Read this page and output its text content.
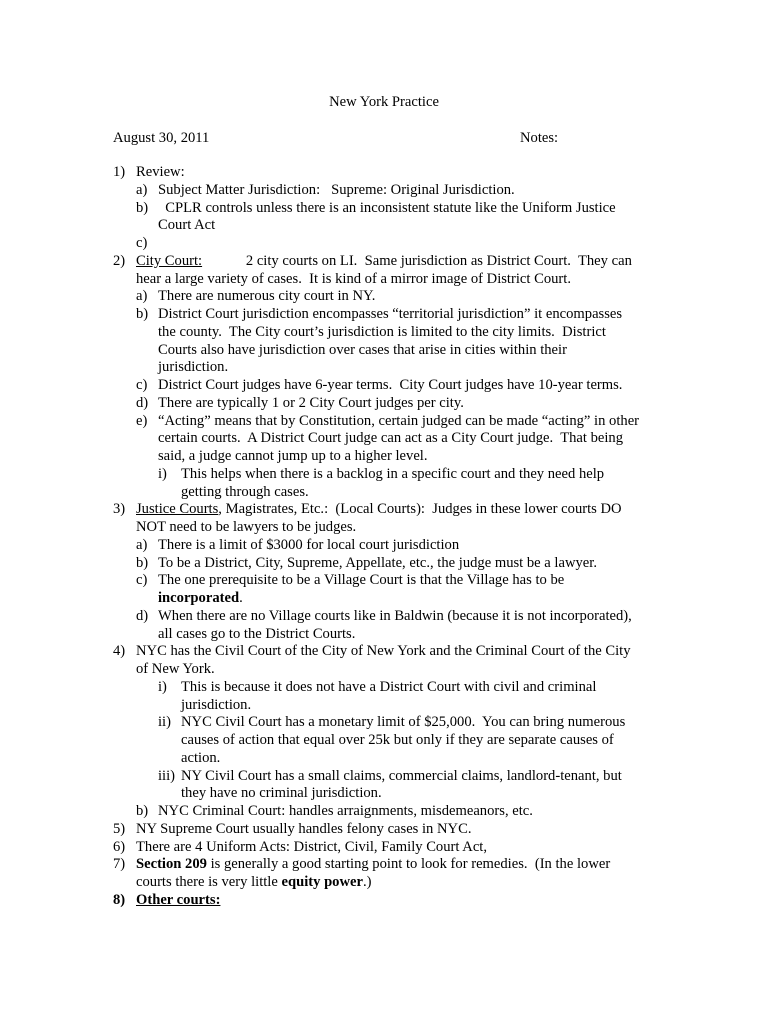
New York Practice
August 30, 2011	Notes:
1) Review:
a) Subject Matter Jurisdiction:   Supreme: Original Jurisdiction.
b) CPLR controls unless there is an inconsistent statute like the Uniform Justice
Court Act
c)
2) City Court:            2 city courts on LI.  Same jurisdiction as District Court.  They can
hear a large variety of cases.  It is kind of a mirror image of District Court.
a) There are numerous city court in NY.
b) District Court jurisdiction encompasses “territorial jurisdiction” it encompasses
the county.  The City court’s jurisdiction is limited to the city limits.  District
Courts also have jurisdiction over cases that arise in cities within their
jurisdiction.
c) District Court judges have 6-year terms.  City Court judges have 10-year terms.
d) There are typically 1 or 2 City Court judges per city.
e) “Acting” means that by Constitution, certain judged can be made “acting” in other
certain courts.  A District Court judge can act as a City Court judge.  That being
said, a judge cannot jump up to a higher level.
i) This helps when there is a backlog in a specific court and they need help
getting through cases.
3) Justice Courts, Magistrates, Etc.:  (Local Courts):  Judges in these lower courts DO
NOT need to be lawyers to be judges.
a) There is a limit of $3000 for local court jurisdiction
b) To be a District, City, Supreme, Appellate, etc., the judge must be a lawyer.
c) The one prerequisite to be a Village Court is that the Village has to be
incorporated.
d) When there are no Village courts like in Baldwin (because it is not incorporated),
all cases go to the District Courts.
4) NYC has the Civil Court of the City of New York and the Criminal Court of the City
of New York.
i) This is because it does not have a District Court with civil and criminal
jurisdiction.
ii) NYC Civil Court has a monetary limit of $25,000.  You can bring numerous
causes of action that equal over 25k but only if they are separate causes of
action.
iii) NY Civil Court has a small claims, commercial claims, landlord-tenant, but
they have no criminal jurisdiction.
b) NYC Criminal Court: handles arraignments, misdemeanors, etc.
5) NY Supreme Court usually handles felony cases in NYC.
6) There are 4 Uniform Acts: District, Civil, Family Court Act,
7) Section 209 is generally a good starting point to look for remedies.  (In the lower
courts there is very little equity power.)
8) Other courts:
